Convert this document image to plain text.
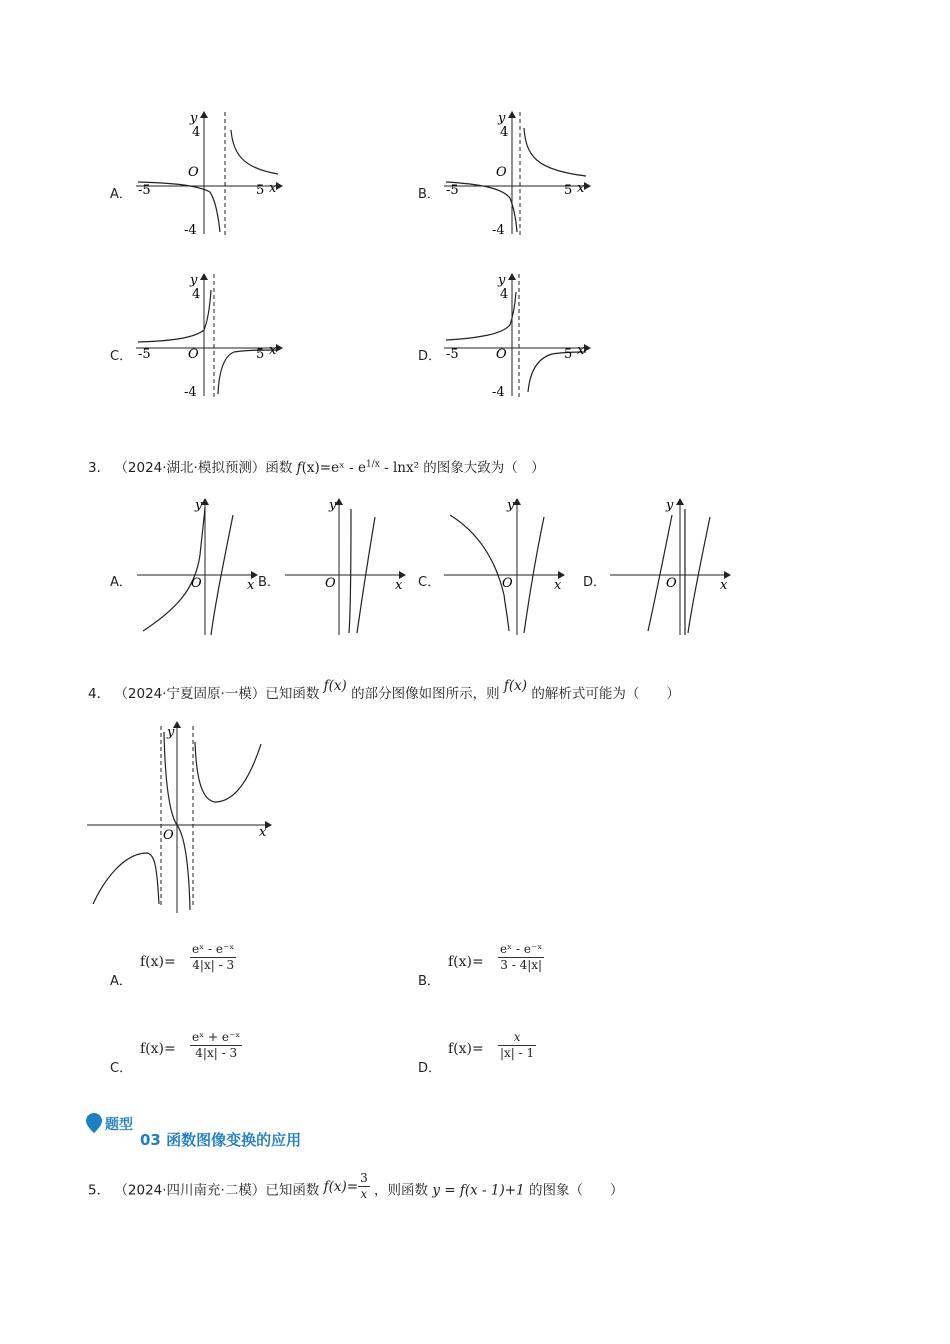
A．
y
x
O
4
-4
-5	5	B．
y
x
O
4
-4
-5	5
C．
y
x
O
4
-4
-5	5	D．
y
x
O
4
-4
-5	5
3． （2024·湖北·模拟预测）函数 f(x)=eˣ - $e^{1/x} - \ln x^2$ 的图象大致为（　）
A．
y
x
O	B．
y
x
O	C．
y
x
O	D．
y
x
O
4． （2024·宁夏固原·一模）已知函数 f(x) 的部分图像如图所示，则 f(x) 的解析式可能为（　　）
y
x
O
A．
$f(x)= \frac{\text{eˣ - e⁻ˣ}}{4|x| - 3}$
B．
$f(x)= \frac{\text{eˣ - e⁻ˣ}}{3 - 4|x|}$
C．
$f(x)= \frac{\text{eˣ + e⁻ˣ}}{4|x| - 3}$
D．
$f(x)= \frac{x}{|x| - 1}$
题型
03 函数图像变换的应用
5． （2024·四川南充·二模）已知函数 $f(x)= \frac{3}{x}$ ，则函数 y = f(x - 1)+1 的图象（　　）
